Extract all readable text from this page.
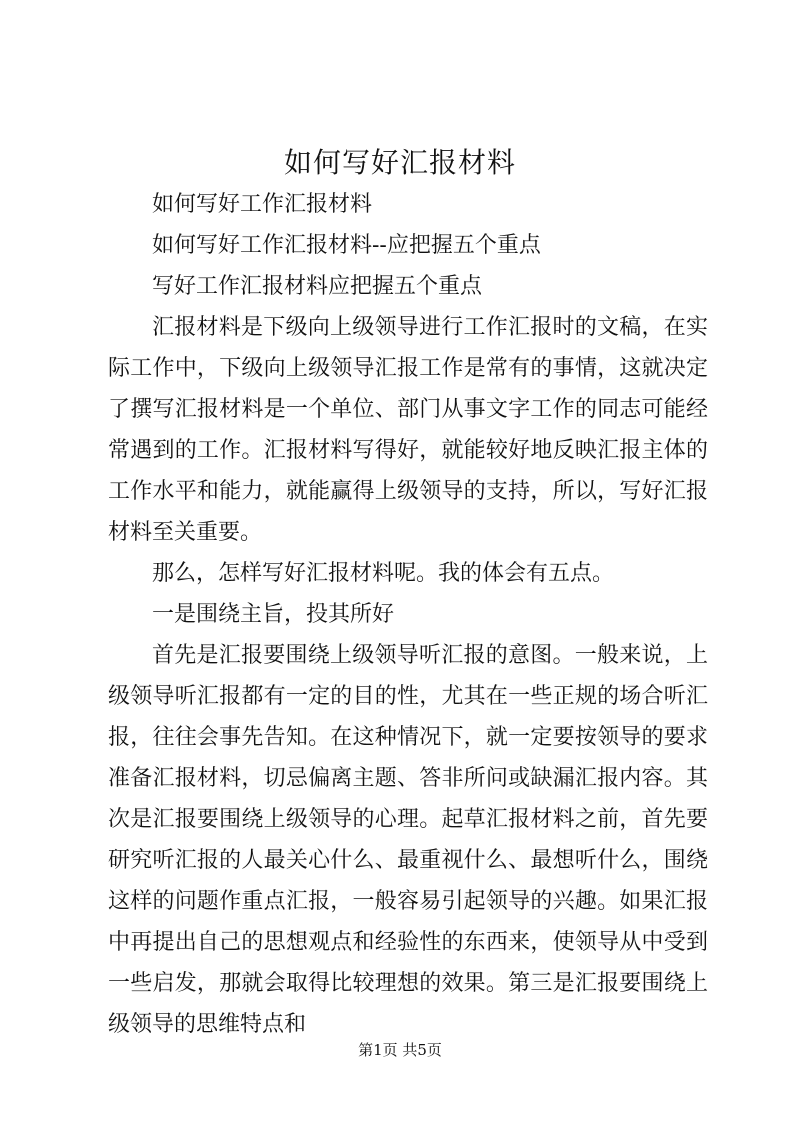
如何写好汇报材料

如何写好工作汇报材料

如何写好工作汇报材料--应把握五个重点

写好工作汇报材料应把握五个重点

汇报材料是下级向上级领导进行工作汇报时的文稿，在实际工作中，下级向上级领导汇报工作是常有的事情，这就决定了撰写汇报材料是一个单位、部门从事文字工作的同志可能经常遇到的工作。汇报材料写得好，就能较好地反映汇报主体的工作水平和能力，就能赢得上级领导的支持，所以，写好汇报材料至关重要。

那么，怎样写好汇报材料呢。我的体会有五点。

一是围绕主旨，投其所好

首先是汇报要围绕上级领导听汇报的意图。一般来说，上级领导听汇报都有一定的目的性，尤其在一些正规的场合听汇报，往往会事先告知。在这种情况下，就一定要按领导的要求准备汇报材料，切忌偏离主题、答非所问或缺漏汇报内容。其次是汇报要围绕上级领导的心理。起草汇报材料之前，首先要研究听汇报的人最关心什么、最重视什么、最想听什么，围绕这样的问题作重点汇报，一般容易引起领导的兴趣。如果汇报中再提出自己的思想观点和经验性的东西来，使领导从中受到一些启发，那就会取得比较理想的效果。第三是汇报要围绕上级领导的思维特点和

第1页 共5页
